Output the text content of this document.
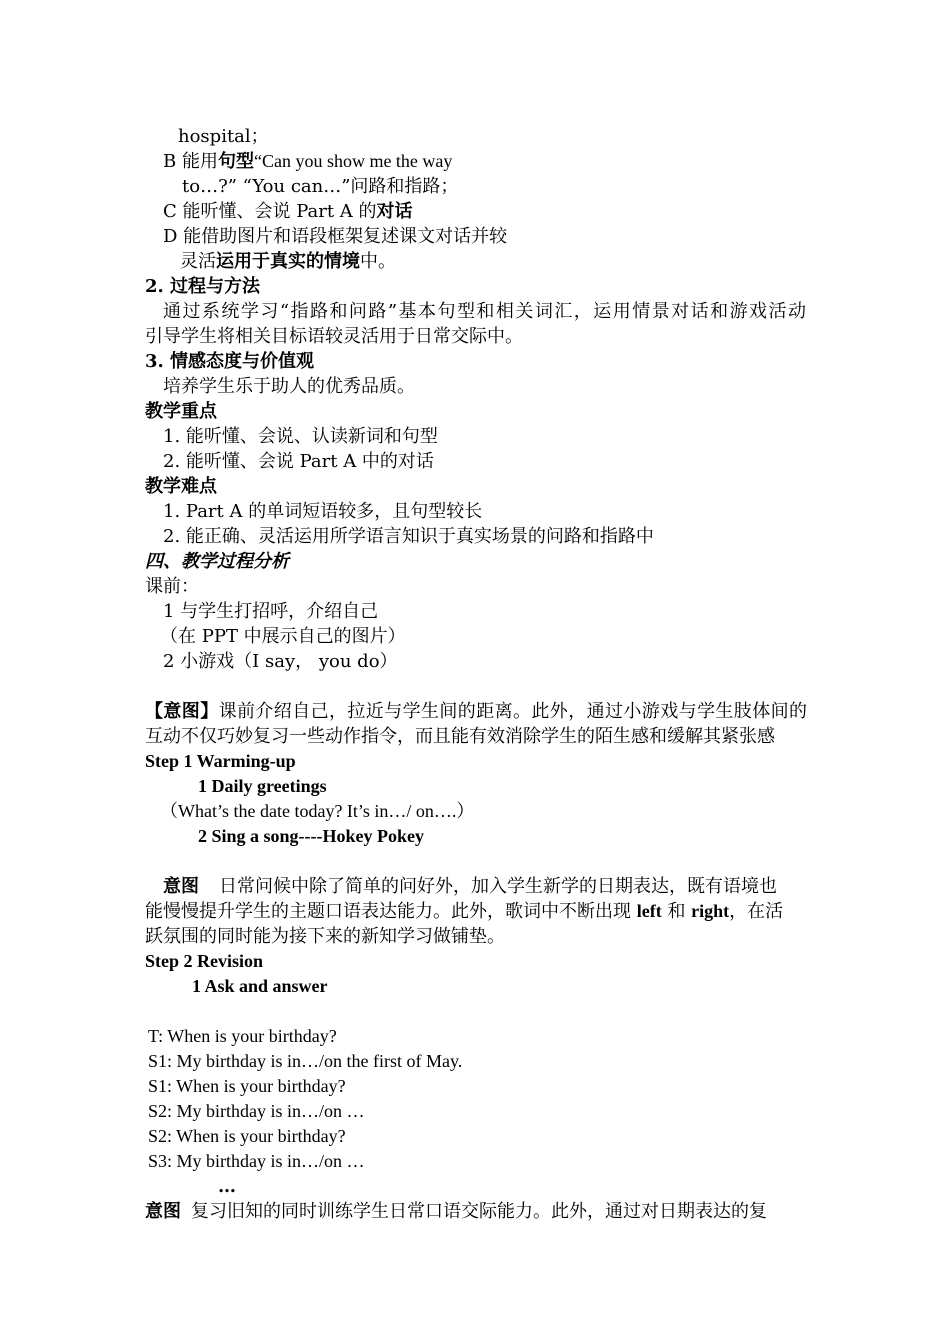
hospital；
B 能用句型“Can you show me the way
to…?” “You can…”问路和指路；
C 能听懂、会说 Part A 的对话
D 能借助图片和语段框架复述课文对话并较
灵活运用于真实的情境中。
2. 过程与方法
通过系统学习“指路和问路”基本句型和相关词汇，运用情景对话和游戏活动
引导学生将相关目标语较灵活用于日常交际中。
3. 情感态度与价值观
培养学生乐于助人的优秀品质。
教学重点
1. 能听懂、会说、认读新词和句型
2. 能听懂、会说 Part A 中的对话
教学难点
1. Part A 的单词短语较多，且句型较长
2. 能正确、灵活运用所学语言知识于真实场景的问路和指路中
四、教学过程分析
课前：
1 与学生打招呼，介绍自己
（在 PPT 中展示自己的图片）
2 小游戏（I say， you do）
【意图】课前介绍自己，拉近与学生间的距离。此外，通过小游戏与学生肢体间的
互动不仅巧妙复习一些动作指令，而且能有效消除学生的陌生感和缓解其紧张感
Step 1 Warming-up
1 Daily greetings
（What’s the date today? It’s in…/ on….）
2 Sing a song----Hokey Pokey
意图 日常问候中除了简单的问好外，加入学生新学的日期表达，既有语境也
能慢慢提升学生的主题口语表达能力。此外，歌词中不断出现 left 和 right，在活
跃氛围的同时能为接下来的新知学习做铺垫。
Step 2 Revision
1 Ask and answer
T: When is your birthday?
S1: My birthday is in…/on the first of May.
S1: When is your birthday?
S2: My birthday is in…/on …
S2: When is your birthday?
S3: My birthday is in…/on …
…
意图 复习旧知的同时训练学生日常口语交际能力。此外，通过对日期表达的复
